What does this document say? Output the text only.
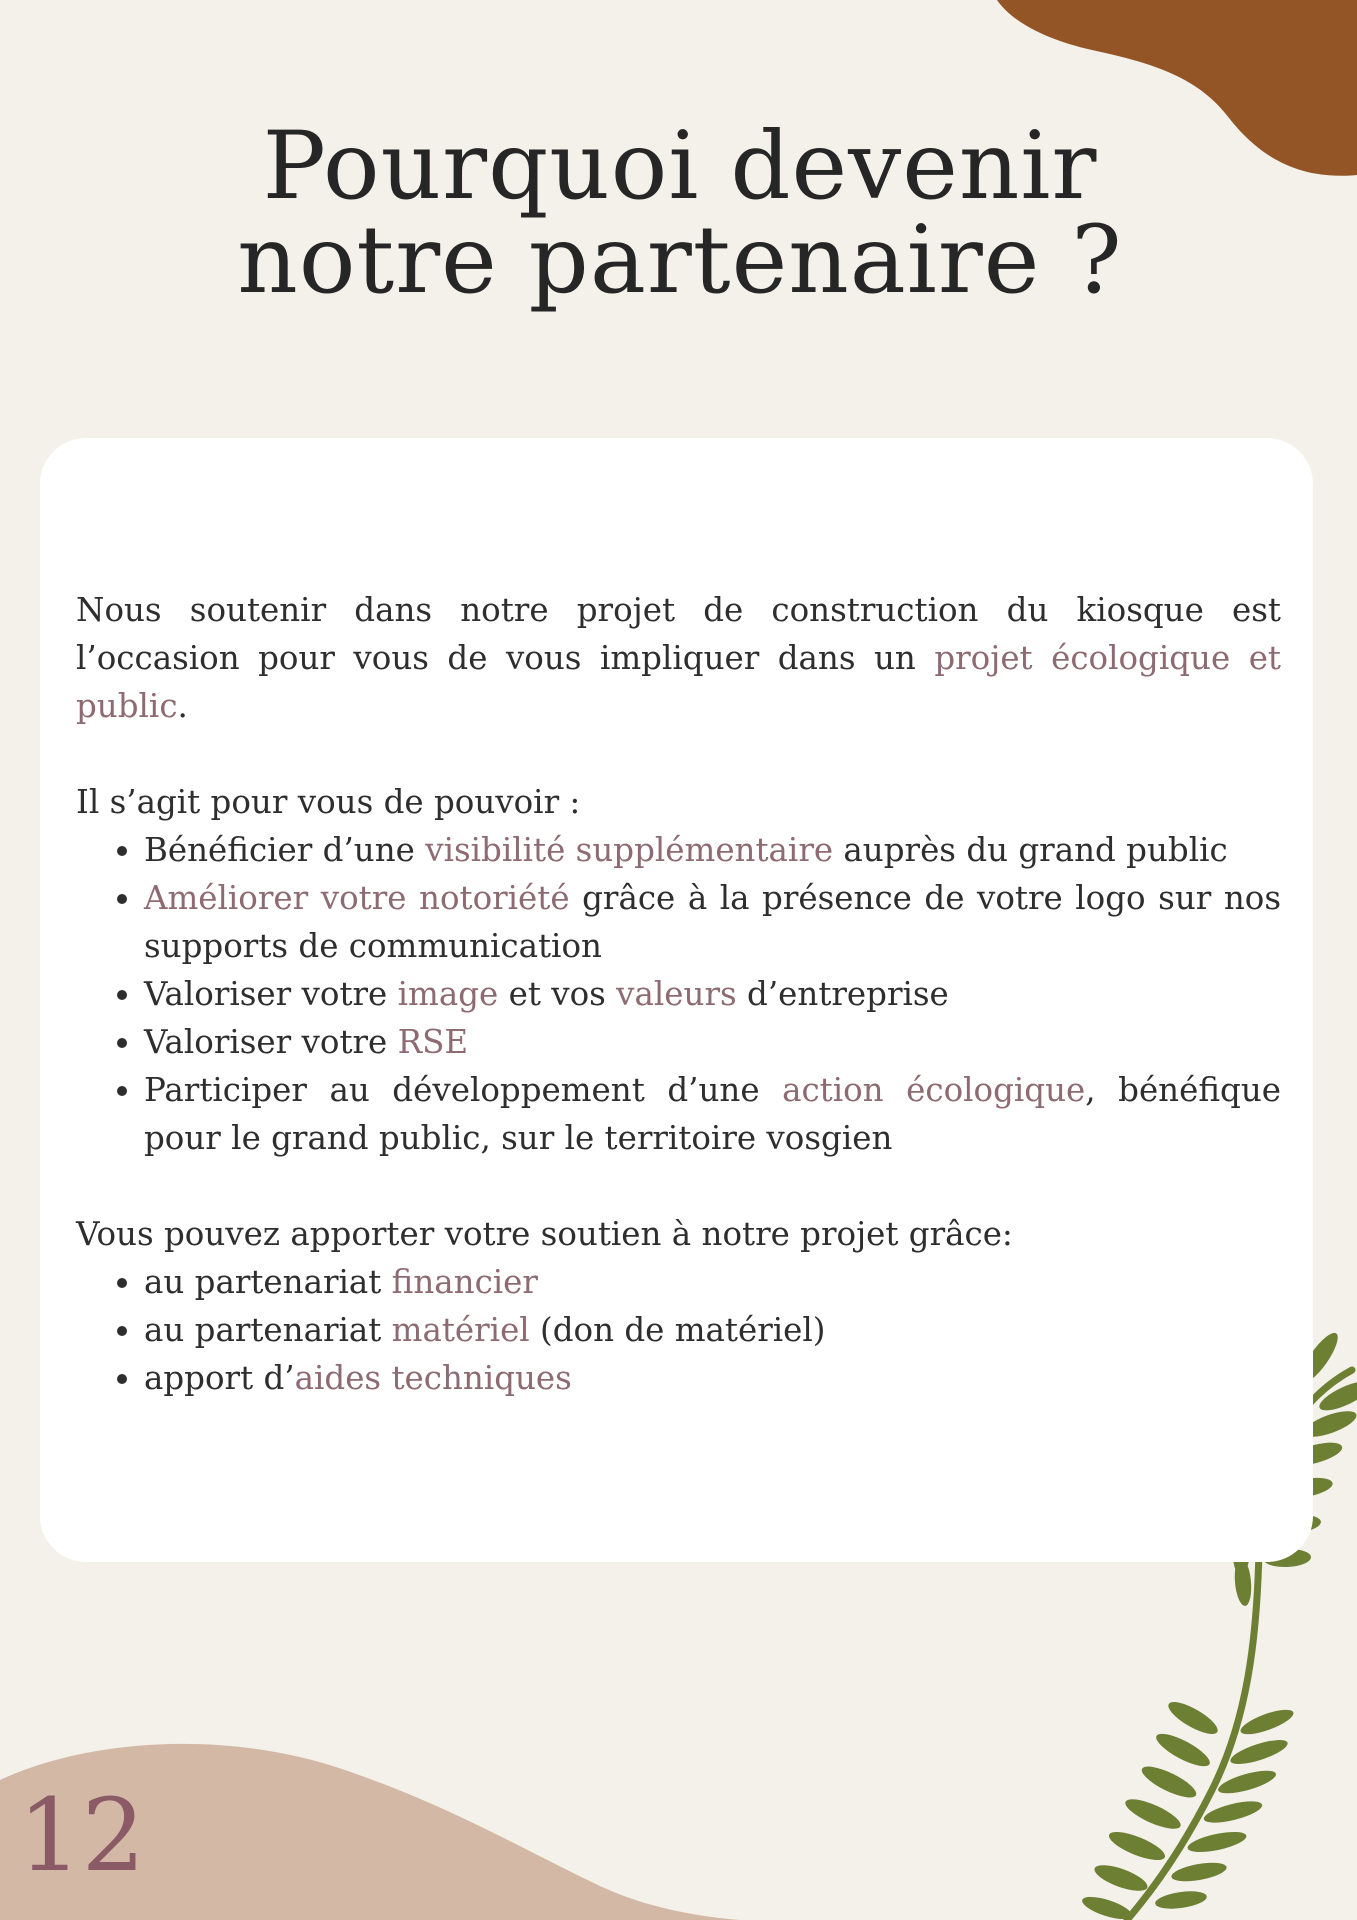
Pourquoi devenir
notre partenaire ?

Nous soutenir dans notre projet de construction du kiosque est l’occasion pour vous de vous impliquer dans un projet écologique et public.

Il s’agit pour vous de pouvoir :

• Bénéficier d’une visibilité supplémentaire auprès du grand public
• Améliorer votre notoriété grâce à la présence de votre logo sur nos supports de communication
• Valoriser votre image et vos valeurs d’entreprise
• Valoriser votre RSE
• Participer au développement d’une action écologique, bénéfique pour le grand public, sur le territoire vosgien

Vous pouvez apporter votre soutien à notre projet grâce:

• au partenariat financier
• au partenariat matériel (don de matériel)
• apport d’aides techniques
12
